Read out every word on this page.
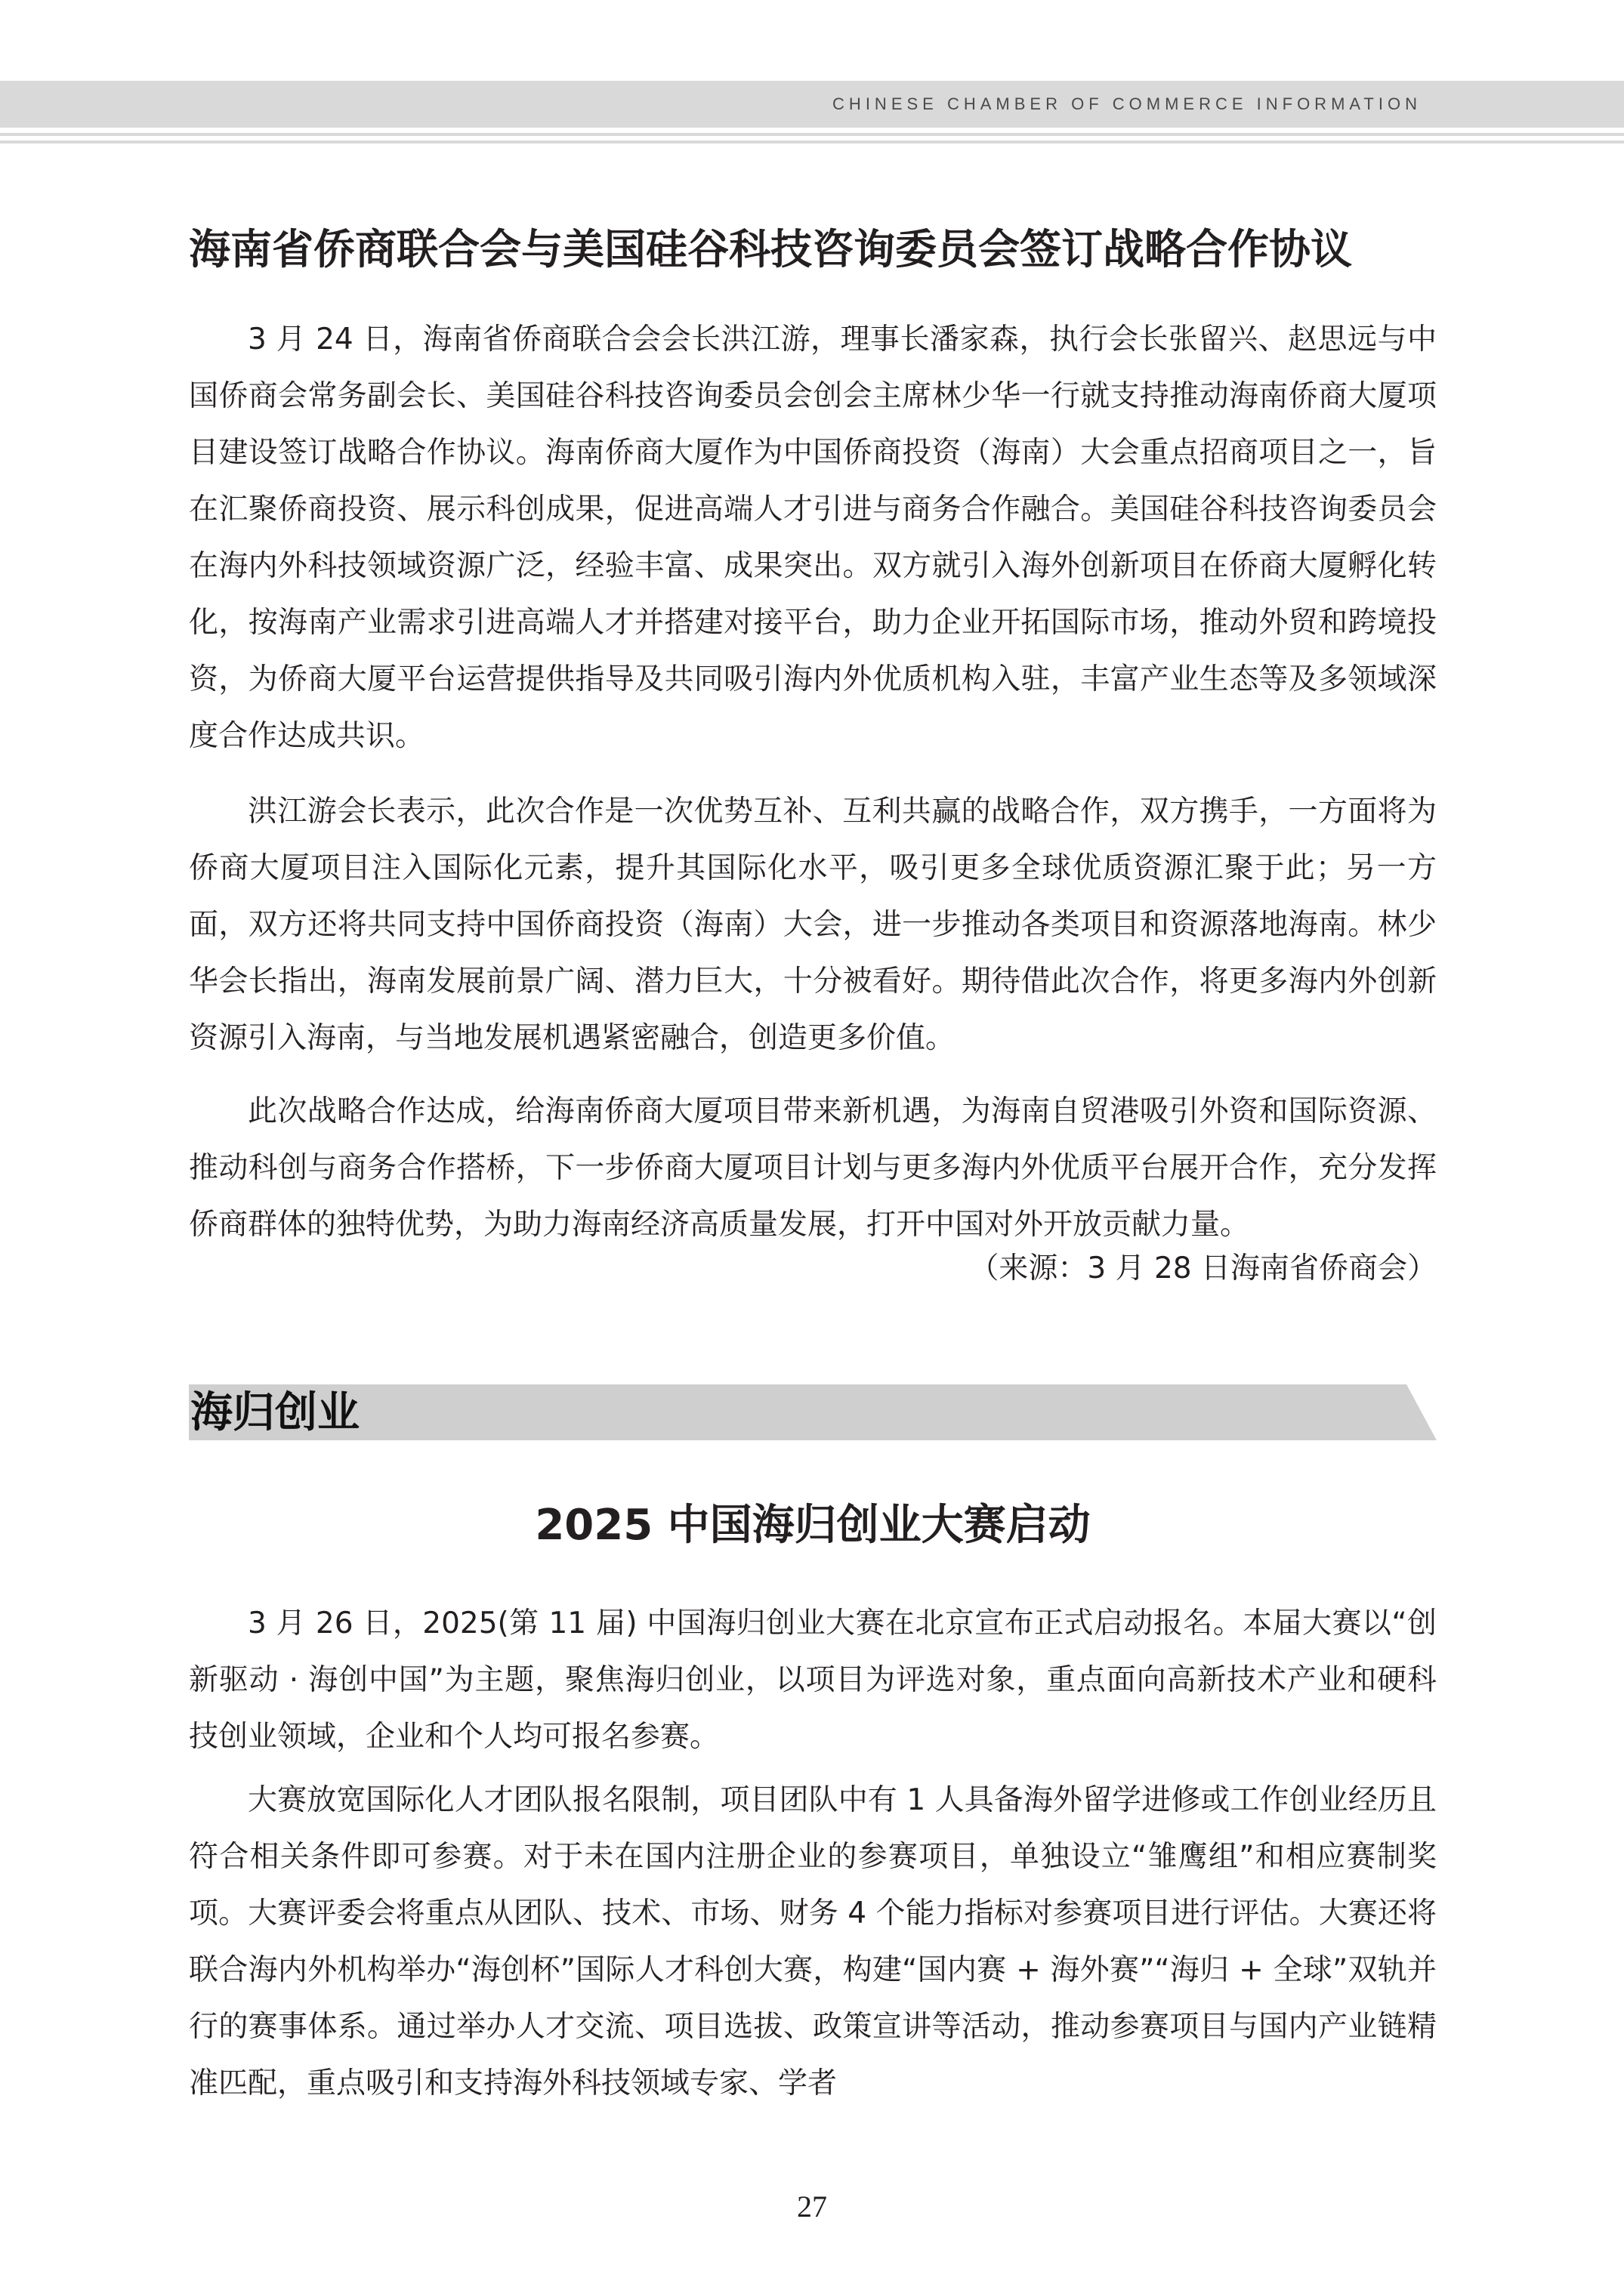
CHINESE CHAMBER OF COMMERCE INFORMATION
海南省侨商联合会与美国硅谷科技咨询委员会签订战略合作协议

3 月 24 日，海南省侨商联合会会长洪江游，理事长潘家森，执行会长张留兴、赵思远与中国侨商会常务副会长、美国硅谷科技咨询委员会创会主席林少华一行就支持推动海南侨商大厦项目建设签订战略合作协议。海南侨商大厦作为中国侨商投资（海南）大会重点招商项目之一，旨在汇聚侨商投资、展示科创成果，促进高端人才引进与商务合作融合。美国硅谷科技咨询委员会在海内外科技领域资源广泛，经验丰富、成果突出。双方就引入海外创新项目在侨商大厦孵化转化，按海南产业需求引进高端人才并搭建对接平台，助力企业开拓国际市场，推动外贸和跨境投资，为侨商大厦平台运营提供指导及共同吸引海内外优质机构入驻，丰富产业生态等及多领域深度合作达成共识。

洪江游会长表示，此次合作是一次优势互补、互利共赢的战略合作，双方携手，一方面将为侨商大厦项目注入国际化元素，提升其国际化水平，吸引更多全球优质资源汇聚于此；另一方面，双方还将共同支持中国侨商投资（海南）大会，进一步推动各类项目和资源落地海南。林少华会长指出，海南发展前景广阔、潜力巨大，十分被看好。期待借此次合作，将更多海内外创新资源引入海南，与当地发展机遇紧密融合，创造更多价值。

此次战略合作达成，给海南侨商大厦项目带来新机遇，为海南自贸港吸引外资和国际资源、推动科创与商务合作搭桥，下一步侨商大厦项目计划与更多海内外优质平台展开合作，充分发挥侨商群体的独特优势，为助力海南经济高质量发展，打开中国对外开放贡献力量。

（来源：3 月 28 日海南省侨商会）
海归创业
2025 中国海归创业大赛启动

3 月 26 日，2025(第 11 届) 中国海归创业大赛在北京宣布正式启动报名。本届大赛以“创新驱动 · 海创中国”为主题，聚焦海归创业，以项目为评选对象，重点面向高新技术产业和硬科技创业领域，企业和个人均可报名参赛。

大赛放宽国际化人才团队报名限制，项目团队中有 1 人具备海外留学进修或工作创业经历且符合相关条件即可参赛。对于未在国内注册企业的参赛项目，单独设立“雏鹰组”和相应赛制奖项。大赛评委会将重点从团队、技术、市场、财务 4 个能力指标对参赛项目进行评估。大赛还将联合海内外机构举办“海创杯”国际人才科创大赛，构建“国内赛 + 海外赛”“海归 + 全球”双轨并行的赛事体系。通过举办人才交流、项目选拔、政策宣讲等活动，推动参赛项目与国内产业链精准匹配，重点吸引和支持海外科技领域专家、学者

27
